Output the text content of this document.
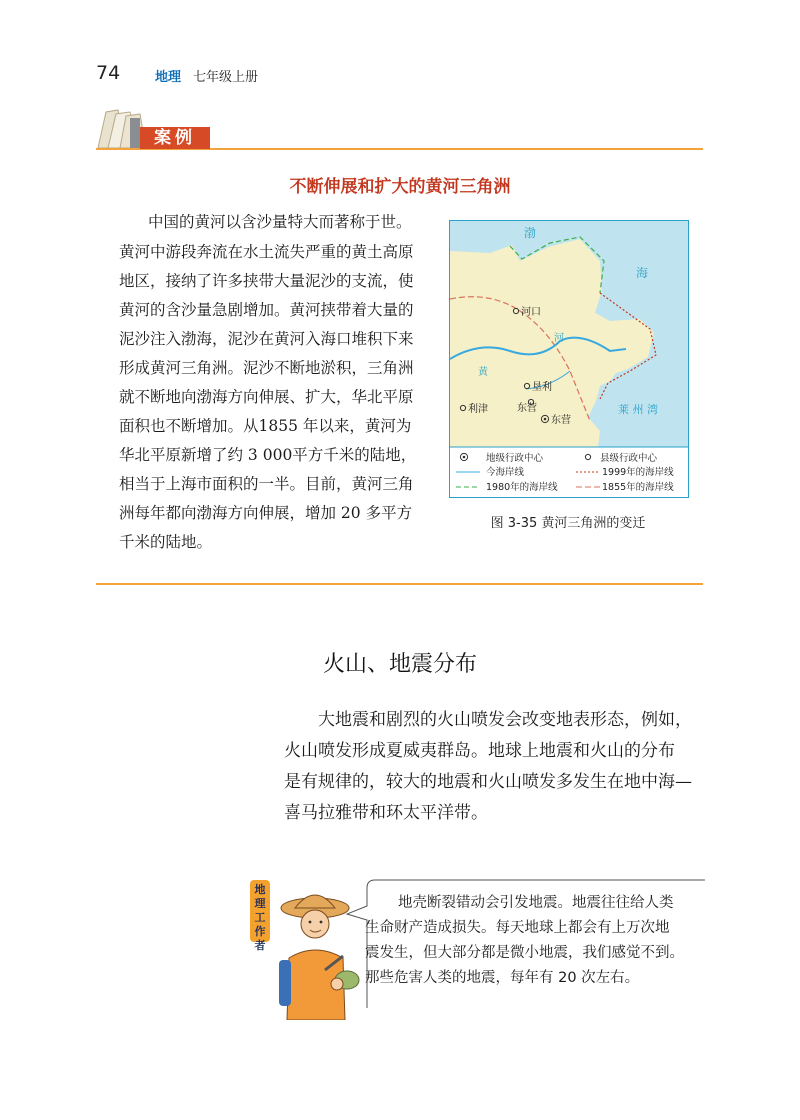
74	地理 七年级上册
案例
不断伸展和扩大的黄河三角洲
中国的黄河以含沙量特大而著称于世。
黄河中游段奔流在水土流失严重的黄土高原
地区，接纳了许多挟带大量泥沙的支流，使
黄河的含沙量急剧增加。黄河挟带着大量的
泥沙注入渤海，泥沙在黄河入海口堆积下来
形成黄河三角洲。泥沙不断地淤积，三角洲
就不断地向渤海方向伸展、扩大，华北平原
面积也不断增加。从1855 年以来，黄河为
华北平原新增了约 3 000平方千米的陆地，
相当于上海市面积的一半。目前，黄河三角
洲每年都向渤海方向伸展，增加 20 多平方
千米的陆地。
渤
海
莱 州 湾
黄
河
河口
垦利
利津	东营
东营
地级行政中心	县级行政中心
今海岸线	1999年的海岸线
1980年的海岸线	1855年的海岸线
图 3-35 黄河三角洲的变迁
火山、地震分布
大地震和剧烈的火山喷发会改变地表形态，例如，
火山喷发形成夏威夷群岛。地球上地震和火山的分布
是有规律的，较大的地震和火山喷发多发生在地中海—
喜马拉雅带和环太平洋带。
地理工作者
地壳断裂错动会引发地震。地震往往给人类
生命财产造成损失。每天地球上都会有上万次地
震发生，但大部分都是微小地震，我们感觉不到。
那些危害人类的地震，每年有 20 次左右。
